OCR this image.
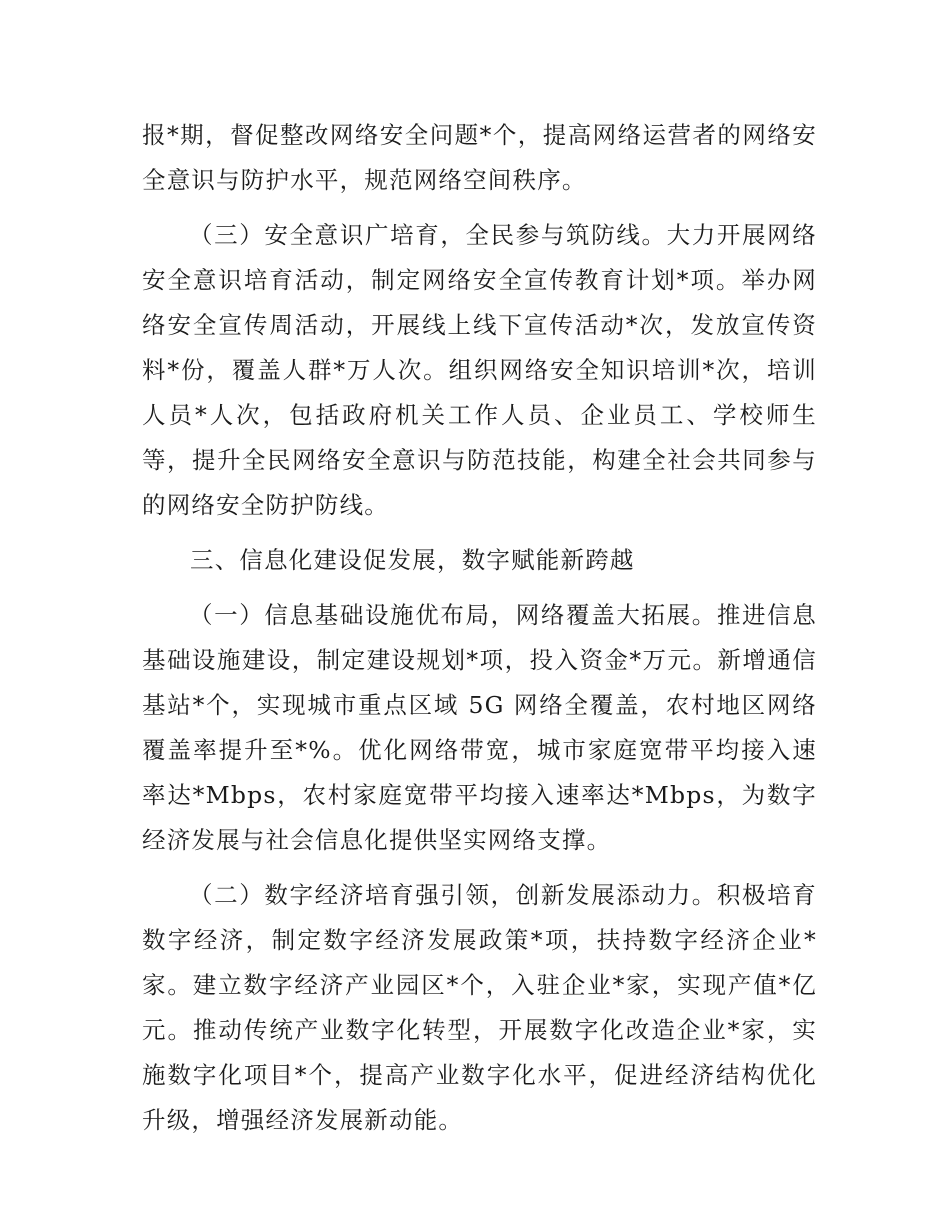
报*期，督促整改网络安全问题*个，提高网络运营者的网络安全意识与防护水平，规范网络空间秩序。

（三）安全意识广培育，全民参与筑防线。大力开展网络安全意识培育活动，制定网络安全宣传教育计划*项。举办网络安全宣传周活动，开展线上线下宣传活动*次，发放宣传资料*份，覆盖人群*万人次。组织网络安全知识培训*次，培训人员*人次，包括政府机关工作人员、企业员工、学校师生等，提升全民网络安全意识与防范技能，构建全社会共同参与的网络安全防护防线。

三、信息化建设促发展，数字赋能新跨越

（一）信息基础设施优布局，网络覆盖大拓展。推进信息基础设施建设，制定建设规划*项，投入资金*万元。新增通信基站*个，实现城市重点区域 5G 网络全覆盖，农村地区网络覆盖率提升至*%。优化网络带宽，城市家庭宽带平均接入速率达*Mbps，农村家庭宽带平均接入速率达*Mbps，为数字经济发展与社会信息化提供坚实网络支撑。

（二）数字经济培育强引领，创新发展添动力。积极培育数字经济，制定数字经济发展政策*项，扶持数字经济企业*家。建立数字经济产业园区*个，入驻企业*家，实现产值*亿元。推动传统产业数字化转型，开展数字化改造企业*家，实施数字化项目*个，提高产业数字化水平，促进经济结构优化升级，增强经济发展新动能。
